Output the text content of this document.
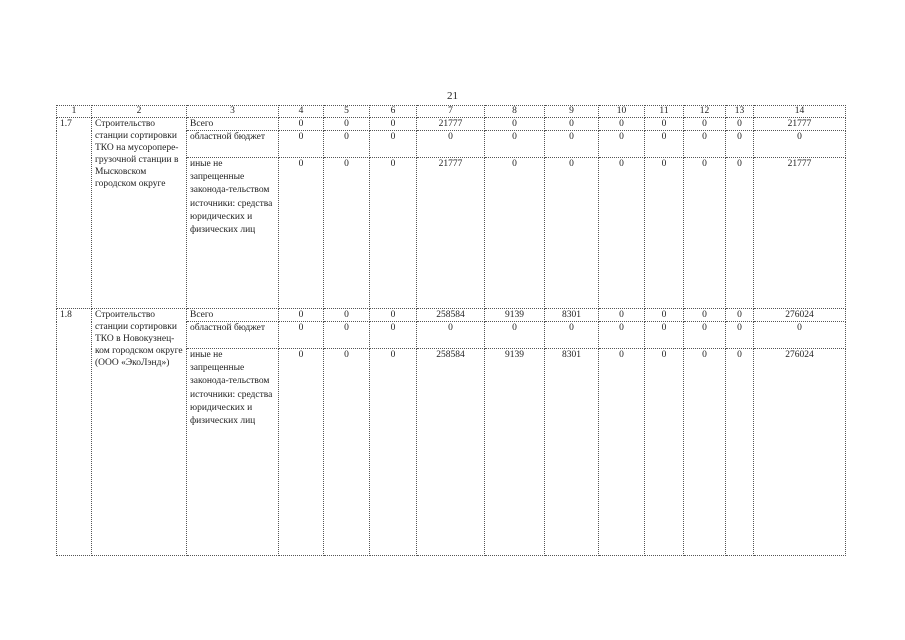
21
1	2	3	4	5	6	7	8	9	10	11	12	13	14
1.7	Строительство станции сортировки ТКО на мусоропере-грузочной станции в Мысковском городском округе	Всего	0	0	0	21777	0	0	0	0	0	0	21777
		областной бюджет	0	0	0	0	0	0	0	0	0	0	0
		иные не запрещенные законода-тельством источники: средства юридических и физических лиц	0	0	0	21777	0	0	0	0	0	0	21777
1.8	Строительство станции сортировки ТКО в Новокузнец-ком городском округе (ООО «ЭкоЛэнд»)	Всего	0	0	0	258584	9139	8301	0	0	0	0	276024
		областной бюджет	0	0	0	0	0	0	0	0	0	0	0
		иные не запрещенные законода-тельством источники: средства юридических и физических лиц	0	0	0	258584	9139	8301	0	0	0	0	276024
